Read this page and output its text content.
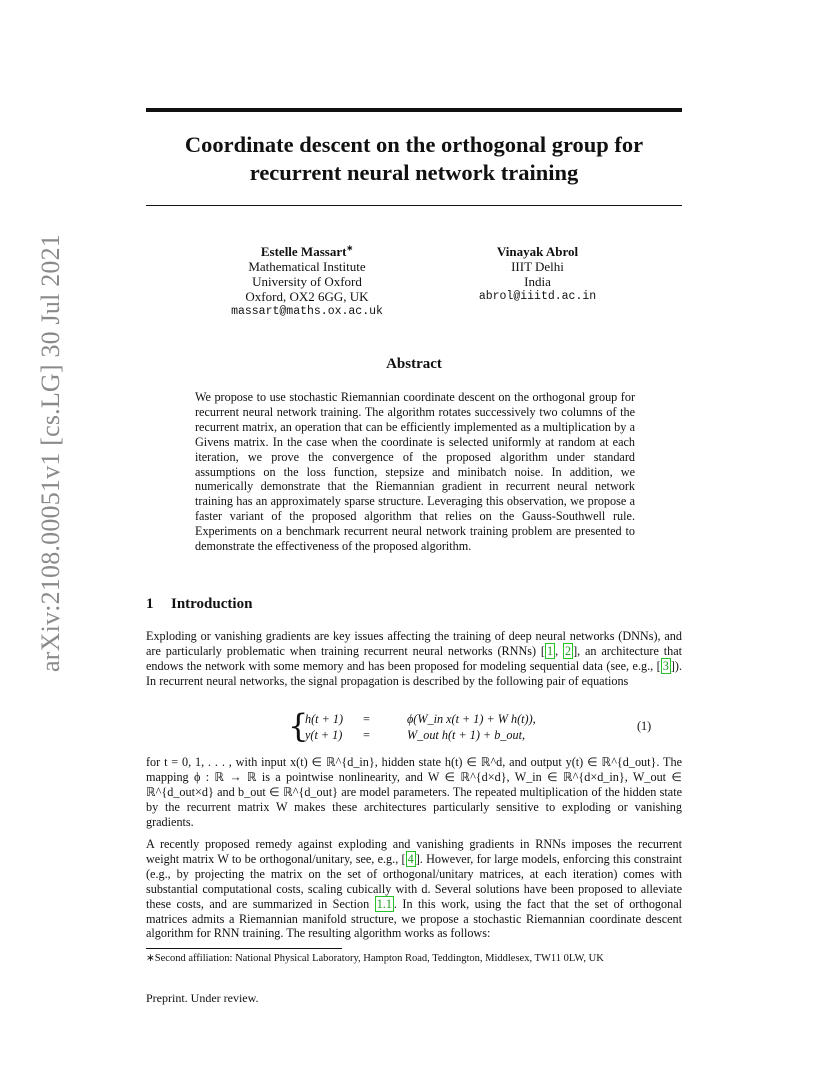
Coordinate descent on the orthogonal group for
recurrent neural network training
arXiv:2108.00051v1 [cs.LG] 30 Jul 2021	Estelle Massart∗
Mathematical Institute
University of Oxford
Oxford, OX2 6GG, UK
massart@maths.ox.ac.uk
Vinayak Abrol
IIIT Delhi
India
abrol@iiitd.ac.in
Abstract
We propose to use stochastic Riemannian coordinate descent on the orthogonal group for recurrent neural network training. The algorithm rotates successively two columns of the recurrent matrix, an operation that can be efficiently implemented as a multiplication by a Givens matrix. In the case when the coordinate is selected uniformly at random at each iteration, we prove the convergence of the proposed algorithm under standard assumptions on the loss function, stepsize and minibatch noise. In addition, we numerically demonstrate that the Riemannian gradient in recurrent neural network training has an approximately sparse structure. Leveraging this observation, we propose a faster variant of the proposed algorithm that relies on the Gauss-Southwell rule. Experiments on a benchmark recurrent neural network training problem are presented to demonstrate the effectiveness of the proposed algorithm.
1 Introduction
Exploding or vanishing gradients are key issues affecting the training of deep neural networks (DNNs), and are particularly problematic when training recurrent neural networks (RNNs) [ 1 , 2 ], an architecture that endows the network with some memory and has been proposed for modeling sequential data (see, e.g., [ 3 ]). In recurrent neural networks, the signal propagation is described by the following pair of equations
{
h(t + 1) =	ϕ(W_in x(t + 1) + W h(t)),
y(t + 1) =	W_out h(t + 1) + b_out,
(1)
for t = 0, 1, . . . , with input x(t) ∈ ℝ^{d_in}, hidden state h(t) ∈ ℝ^d, and output y(t) ∈ ℝ^{d_out}. The mapping ϕ : ℝ → ℝ is a pointwise nonlinearity, and W ∈ ℝ^{d×d}, W_in ∈ ℝ^{d×d_in}, W_out ∈ ℝ^{d_out×d} and b_out ∈ ℝ^{d_out} are model parameters. The repeated multiplication of the hidden state by the recurrent matrix W makes these architectures particularly sensitive to exploding or vanishing gradients.
A recently proposed remedy against exploding and vanishing gradients in RNNs imposes the recurrent weight matrix W to be orthogonal/unitary, see, e.g., [ 4 ]. However, for large models, enforcing this constraint (e.g., by projecting the matrix on the set of orthogonal/unitary matrices, at each iteration) comes with substantial computational costs, scaling cubically with d. Several solutions have been proposed to alleviate these costs, and are summarized in Section 1.1 . In this work, using the fact that the set of orthogonal matrices admits a Riemannian manifold structure, we propose a stochastic Riemannian coordinate descent algorithm for RNN training. The resulting algorithm works as follows:
∗Second affiliation: National Physical Laboratory, Hampton Road, Teddington, Middlesex, TW11 0LW, UK
Preprint. Under review.
